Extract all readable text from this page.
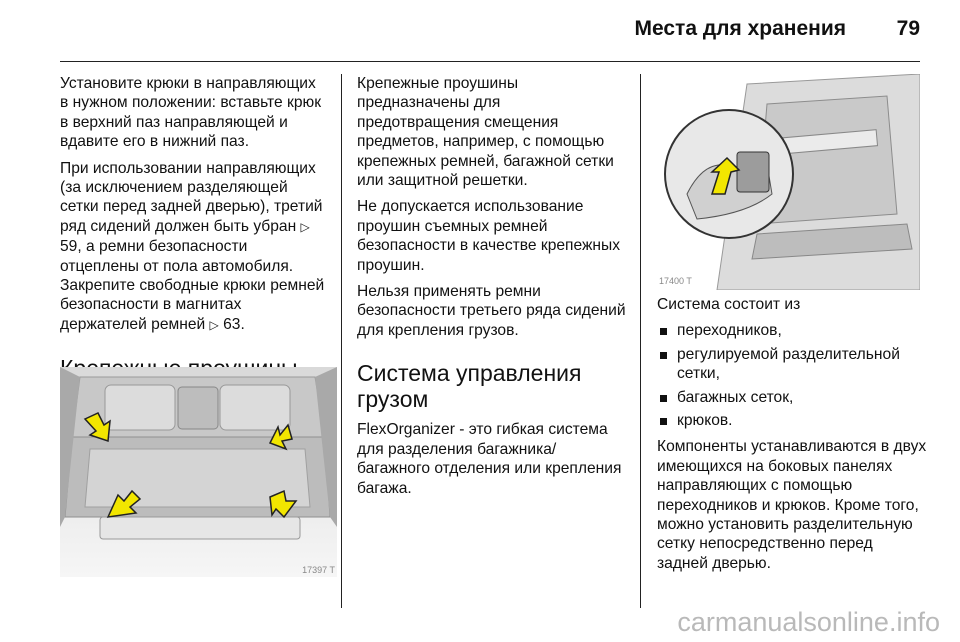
Места для хранения 79

Установите крюки в направляющих в нужном положении: вставьте крюк в верхний паз направляющей и вдавите его в нижний паз.

При использовании направляющих (за исключением разделяющей сетки перед задней дверью), третий ряд сидений должен быть убран ▷ 59, а ремни безопасности отцеплены от пола автомобиля. Закрепите свободные крюки ремней безопасности в магнитах держателей ремней ▷ 63.

17397 T

Крепежные проушины предназначены для предотвращения смещения предметов, например, с помощью крепежных ремней, багажной сетки или защитной решетки.

Не допускается использование проушин съемных ремней безопасности в качестве крепежных проушин.

Нельзя применять ремни безопасности третьего ряда сидений для крепления грузов.

Система управления грузом

FlexOrganizer - это гибкая система для разделения багажника/багажного отделения или крепления багажа.

17400 T

Система состоит из

переходников,
регулируемой разделительной сетки,
багажных сеток,
крюков.

Компоненты устанавливаются в двух имеющихся на боковых панелях направляющих с помощью переходников и крюков. Кроме того, можно установить разделительную сетку непосредственно перед задней дверью.

carmanualsonline.info
